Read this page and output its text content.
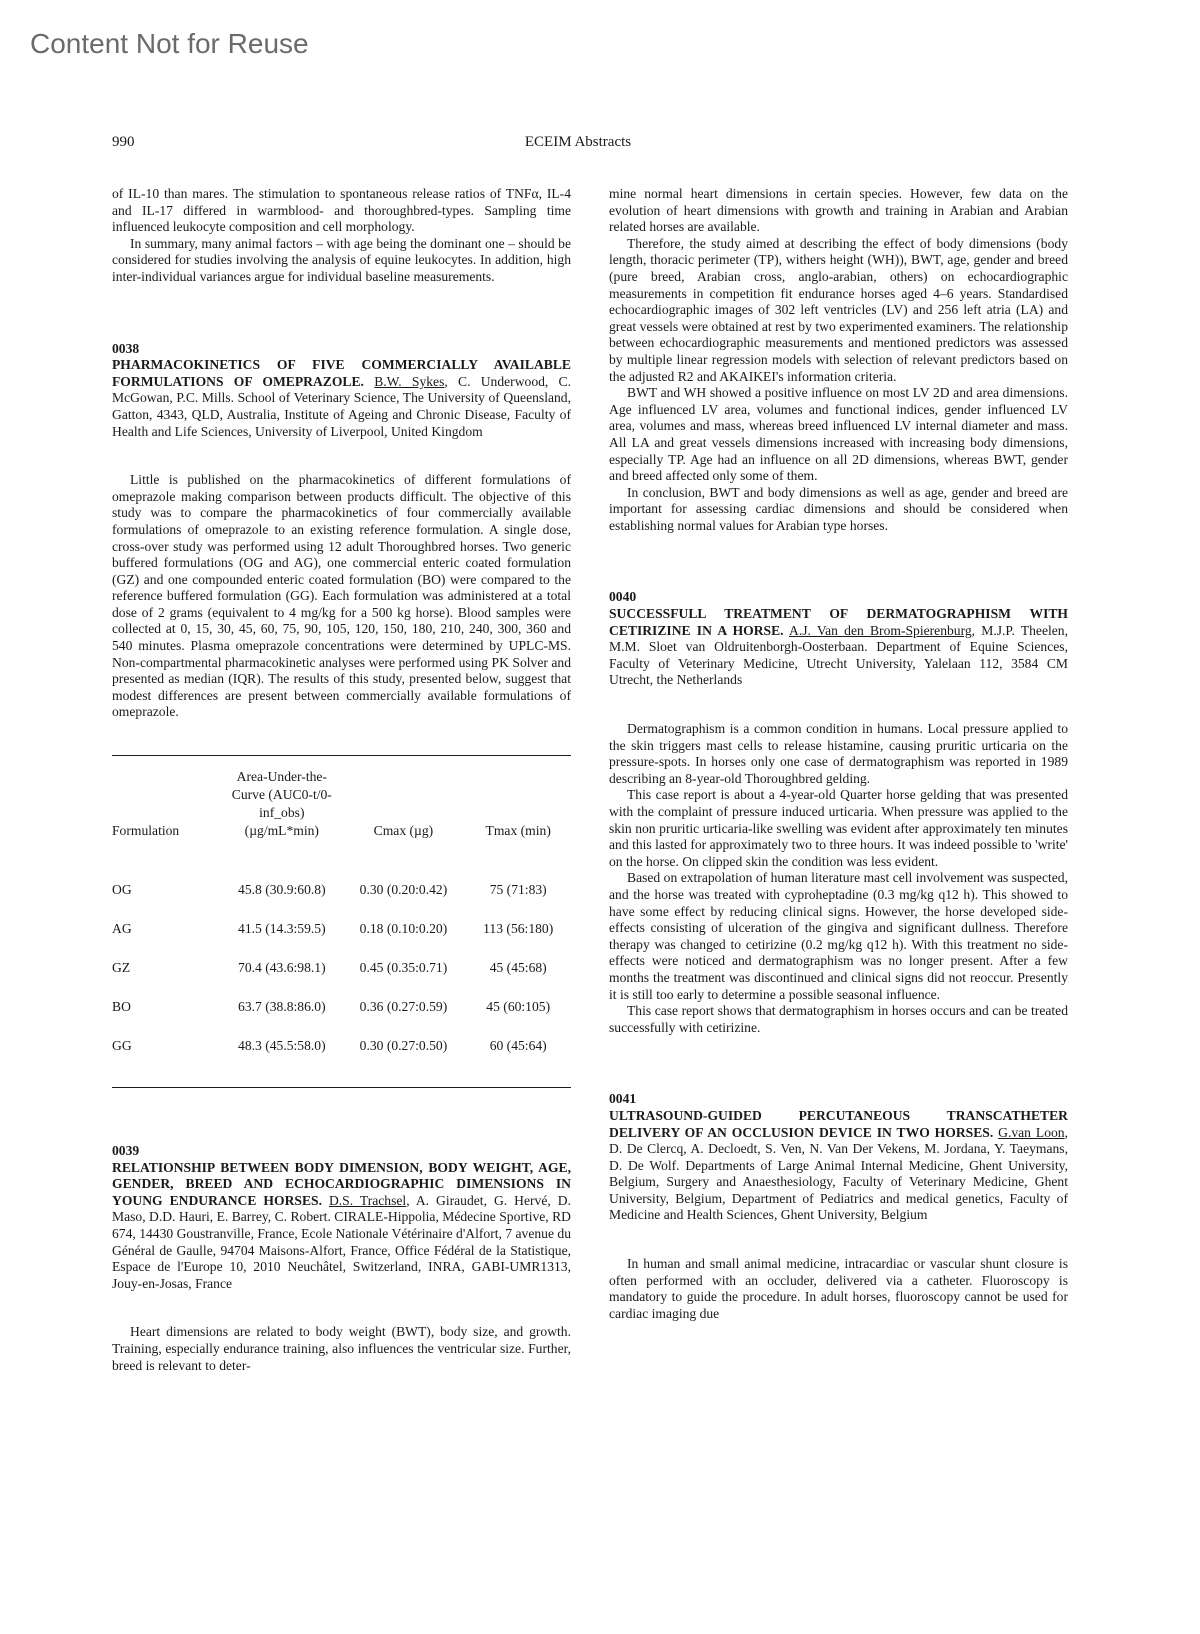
Content Not for Reuse
990	ECEIM Abstracts

of IL-10 than mares. The stimulation to spontaneous release ratios of TNFα, IL-4 and IL-17 differed in warmblood- and thoroughbred-types. Sampling time influenced leukocyte composition and cell morphology.

In summary, many animal factors – with age being the dominant one – should be considered for studies involving the analysis of equine leukocytes. In addition, high inter-individual variances argue for individual baseline measurements.

0038

PHARMACOKINETICS OF FIVE COMMERCIALLY AVAILABLE FORMULATIONS OF OMEPRAZOLE. B.W. Sykes, C. Underwood, C. McGowan, P.C. Mills. School of Veterinary Science, The University of Queensland, Gatton, 4343, QLD, Australia, Institute of Ageing and Chronic Disease, Faculty of Health and Life Sciences, University of Liverpool, United Kingdom

Little is published on the pharmacokinetics of different formulations of omeprazole making comparison between products difficult. The objective of this study was to compare the pharmacokinetics of four commercially available formulations of omeprazole to an existing reference formulation. A single dose, cross-over study was performed using 12 adult Thoroughbred horses. Two generic buffered formulations (OG and AG), one commercial enteric coated formulation (GZ) and one compounded enteric coated formulation (BO) were compared to the reference buffered formulation (GG). Each formulation was administered at a total dose of 2 grams (equivalent to 4 mg/kg for a 500 kg horse). Blood samples were collected at 0, 15, 30, 45, 60, 75, 90, 105, 120, 150, 180, 210, 240, 300, 360 and 540 minutes. Plasma omeprazole concentrations were determined by UPLC-MS. Non-compartmental pharmacokinetic analyses were performed using PK Solver and presented as median (IQR). The results of this study, presented below, suggest that modest differences are present between commercially available formulations of omeprazole.

Formulation	Area-Under-the-Curve (AUC0-t/0-inf_obs) (µg/mL*min)	Cmax (µg)	Tmax (min)
OG	45.8 (30.9:60.8)	0.30 (0.20:0.42)	75 (71:83)
AG	41.5 (14.3:59.5)	0.18 (0.10:0.20)	113 (56:180)
GZ	70.4 (43.6:98.1)	0.45 (0.35:0.71)	45 (45:68)
BO	63.7 (38.8:86.0)	0.36 (0.27:0.59)	45 (60:105)
GG	48.3 (45.5:58.0)	0.30 (0.27:0.50)	60 (45:64)

0039

RELATIONSHIP BETWEEN BODY DIMENSION, BODY WEIGHT, AGE, GENDER, BREED AND ECHOCARDIOGRAPHIC DIMENSIONS IN YOUNG ENDURANCE HORSES. D.S. Trachsel, A. Giraudet, G. Hervé, D. Maso, D.D. Hauri, E. Barrey, C. Robert. CIRALE-Hippolia, Médecine Sportive, RD 674, 14430 Goustranville, France, Ecole Nationale Vétérinaire d'Alfort, 7 avenue du Général de Gaulle, 94704 Maisons-Alfort, France, Office Fédéral de la Statistique, Espace de l'Europe 10, 2010 Neuchâtel, Switzerland, INRA, GABI-UMR1313, Jouy-en-Josas, France

Heart dimensions are related to body weight (BWT), body size, and growth. Training, especially endurance training, also influences the ventricular size. Further, breed is relevant to deter-

mine normal heart dimensions in certain species. However, few data on the evolution of heart dimensions with growth and training in Arabian and Arabian related horses are available.

Therefore, the study aimed at describing the effect of body dimensions (body length, thoracic perimeter (TP), withers height (WH)), BWT, age, gender and breed (pure breed, Arabian cross, anglo-arabian, others) on echocardiographic measurements in competition fit endurance horses aged 4–6 years. Standardised echocardiographic images of 302 left ventricles (LV) and 256 left atria (LA) and great vessels were obtained at rest by two experimented examiners. The relationship between echocardiographic measurements and mentioned predictors was assessed by multiple linear regression models with selection of relevant predictors based on the adjusted R2 and AKAIKEI's information criteria.

BWT and WH showed a positive influence on most LV 2D and area dimensions. Age influenced LV area, volumes and functional indices, gender influenced LV area, volumes and mass, whereas breed influenced LV internal diameter and mass. All LA and great vessels dimensions increased with increasing body dimensions, especially TP. Age had an influence on all 2D dimensions, whereas BWT, gender and breed affected only some of them.

In conclusion, BWT and body dimensions as well as age, gender and breed are important for assessing cardiac dimensions and should be considered when establishing normal values for Arabian type horses.

0040

SUCCESSFULL TREATMENT OF DERMATOGRAPHISM WITH CETIRIZINE IN A HORSE. A.J. Van den Brom-Spierenburg, M.J.P. Theelen, M.M. Sloet van Oldruitenborgh-Oosterbaan. Department of Equine Sciences, Faculty of Veterinary Medicine, Utrecht University, Yalelaan 112, 3584 CM Utrecht, the Netherlands

Dermatographism is a common condition in humans. Local pressure applied to the skin triggers mast cells to release histamine, causing pruritic urticaria on the pressure-spots. In horses only one case of dermatographism was reported in 1989 describing an 8-year-old Thoroughbred gelding.

This case report is about a 4-year-old Quarter horse gelding that was presented with the complaint of pressure induced urticaria. When pressure was applied to the skin non pruritic urticaria-like swelling was evident after approximately ten minutes and this lasted for approximately two to three hours. It was indeed possible to 'write' on the horse. On clipped skin the condition was less evident.

Based on extrapolation of human literature mast cell involvement was suspected, and the horse was treated with cyproheptadine (0.3 mg/kg q12 h). This showed to have some effect by reducing clinical signs. However, the horse developed side-effects consisting of ulceration of the gingiva and significant dullness. Therefore therapy was changed to cetirizine (0.2 mg/kg q12 h). With this treatment no side-effects were noticed and dermatographism was no longer present. After a few months the treatment was discontinued and clinical signs did not reoccur. Presently it is still too early to determine a possible seasonal influence.

This case report shows that dermatographism in horses occurs and can be treated successfully with cetirizine.

0041

ULTRASOUND-GUIDED PERCUTANEOUS TRANSCATHETER DELIVERY OF AN OCCLUSION DEVICE IN TWO HORSES. G.van Loon, D. De Clercq, A. Decloedt, S. Ven, N. Van Der Vekens, M. Jordana, Y. Taeymans, D. De Wolf. Departments of Large Animal Internal Medicine, Ghent University, Belgium, Surgery and Anaesthesiology, Faculty of Veterinary Medicine, Ghent University, Belgium, Department of Pediatrics and medical genetics, Faculty of Medicine and Health Sciences, Ghent University, Belgium

In human and small animal medicine, intracardiac or vascular shunt closure is often performed with an occluder, delivered via a catheter. Fluoroscopy is mandatory to guide the procedure. In adult horses, fluoroscopy cannot be used for cardiac imaging due
